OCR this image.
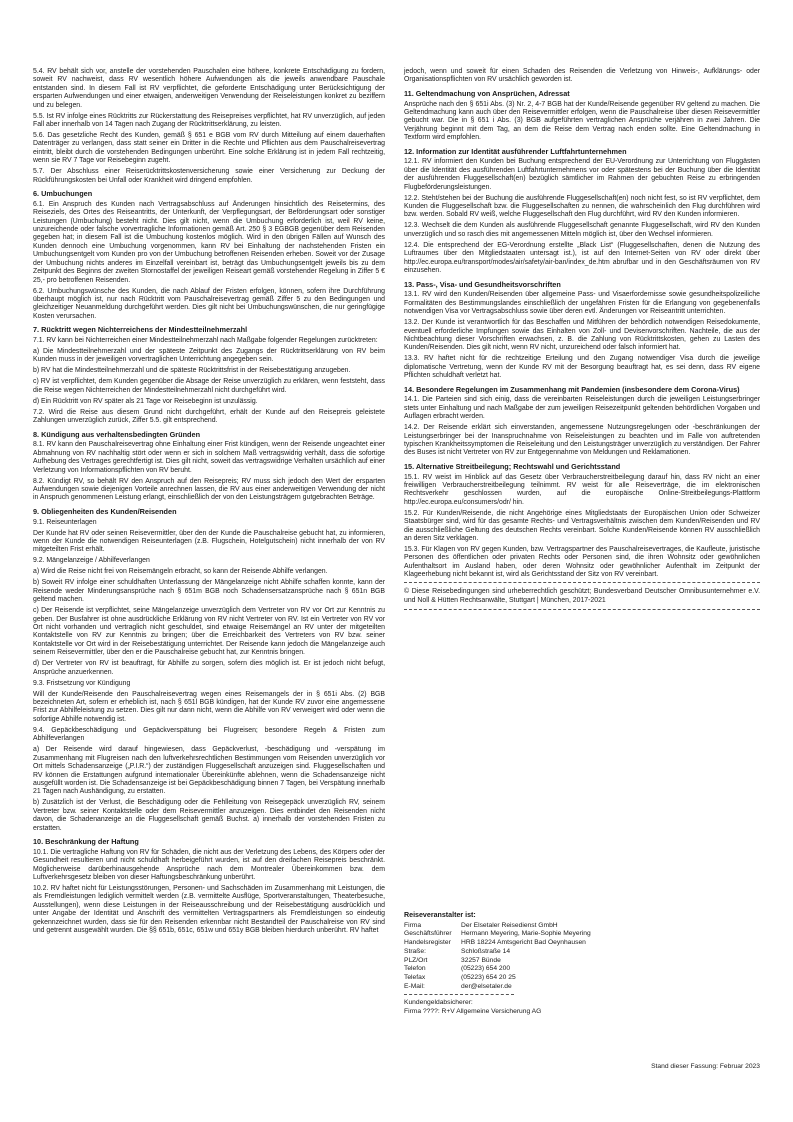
5.4. RV behält sich vor, anstelle der vorstehenden Pauschalen eine höhere, konkrete Entschädigung zu fordern, soweit RV nachweist, dass RV wesentlich höhere Aufwendungen als die jeweils anwendbare Pauschale entstanden sind. In diesem Fall ist RV verpflichtet, die geforderte Entschädigung unter Berücksichtigung der ersparten Aufwendungen und einer etwaigen, anderweitigen Verwendung der Reiseleistungen konkret zu beziffern und zu belegen.

5.5. Ist RV infolge eines Rücktritts zur Rückerstattung des Reisepreises verpflichtet, hat RV unverzüglich, auf jeden Fall aber innerhalb von 14 Tagen nach Zugang der Rücktrittserklärung, zu leisten.

5.6. Das gesetzliche Recht des Kunden, gemäß § 651 e BGB vom RV durch Mitteilung auf einem dauerhaften Datenträger zu verlangen, dass statt seiner ein Dritter in die Rechte und Pflichten aus dem Pauschalreisevertrag eintritt, bleibt durch die vorstehenden Bedingungen unberührt. Eine solche Erklärung ist in jedem Fall rechtzeitig, wenn sie RV 7 Tage vor Reisebeginn zugeht.

5.7. Der Abschluss einer Reiserücktrittskostenversicherung sowie einer Versicherung zur Deckung der Rückführungskosten bei Unfall oder Krankheit wird dringend empfohlen.

6. Umbuchungen

6.1. Ein Anspruch des Kunden nach Vertragsabschluss auf Änderungen hinsichtlich des Reisetermins, des Reiseziels, des Ortes des Reiseantritts, der Unterkunft, der Verpflegungsart, der Beförderungsart oder sonstiger Leistungen (Umbuchung) besteht nicht. Dies gilt nicht, wenn die Umbuchung erforderlich ist, weil RV keine, unzureichende oder falsche vorvertragliche Informationen gemäß Art. 250 § 3 EGBGB gegenüber dem Reisenden gegeben hat; in diesem Fall ist die Umbuchung kostenlos möglich. Wird in den übrigen Fällen auf Wunsch des Kunden dennoch eine Umbuchung vorgenommen, kann RV bei Einhaltung der nachstehenden Fristen ein Umbuchungsentgelt vom Kunden pro von der Umbuchung betroffenen Reisenden erheben. Soweit vor der Zusage der Umbuchung nichts anderes im Einzelfall vereinbart ist, beträgt das Umbuchungsentgelt jeweils bis zu dem Zeitpunkt des Beginns der zweiten Stornostaffel der jeweiligen Reiseart gemäß vorstehender Regelung in Ziffer 5 € 25,- pro betroffenen Reisenden.

6.2. Umbuchungswünsche des Kunden, die nach Ablauf der Fristen erfolgen, können, sofern ihre Durchführung überhaupt möglich ist, nur nach Rücktritt vom Pauschalreisevertrag gemäß Ziffer 5 zu den Bedingungen und gleichzeitiger Neuanmeldung durchgeführt werden. Dies gilt nicht bei Umbuchungswünschen, die nur geringfügige Kosten verursachen.

7. Rücktritt wegen Nichterreichens der Mindestteilnehmerzahl

7.1. RV kann bei Nichterreichen einer Mindestteilnehmerzahl nach Maßgabe folgender Regelungen zurücktreten:

a) Die Mindestteilnehmerzahl und der späteste Zeitpunkt des Zugangs der Rücktrittserklärung von RV beim Kunden muss in der jeweiligen vorvertraglichen Unterrichtung angegeben sein.

b) RV hat die Mindestteilnehmerzahl und die späteste Rücktrittsfrist in der Reisebestätigung anzugeben.

c) RV ist verpflichtet, dem Kunden gegenüber die Absage der Reise unverzüglich zu erklären, wenn feststeht, dass die Reise wegen Nichterreichen der Mindestteilnehmerzahl nicht durchgeführt wird.

d) Ein Rücktritt von RV später als 21 Tage vor Reisebeginn ist unzulässig.

7.2. Wird die Reise aus diesem Grund nicht durchgeführt, erhält der Kunde auf den Reisepreis geleistete Zahlungen unverzüglich zurück, Ziffer 5.5. gilt entsprechend.

8. Kündigung aus verhaltensbedingten Gründen

8.1. RV kann den Pauschalreisevertrag ohne Einhaltung einer Frist kündigen, wenn der Reisende ungeachtet einer Abmahnung von RV nachhaltig stört oder wenn er sich in solchem Maß vertragswidrig verhält, dass die sofortige Aufhebung des Vertrages gerechtfertigt ist. Dies gilt nicht, soweit das vertragswidrige Verhalten ursächlich auf einer Verletzung von Informationspflichten von RV beruht.

8.2. Kündigt RV, so behält RV den Anspruch auf den Reisepreis; RV muss sich jedoch den Wert der ersparten Aufwendungen sowie diejenigen Vorteile anrechnen lassen, die RV aus einer anderweitigen Verwendung der nicht in Anspruch genommenen Leistung erlangt, einschließlich der von den Leistungsträgern gutgebrachten Beträge.

9. Obliegenheiten des Kunden/Reisenden

9.1. Reiseunterlagen

Der Kunde hat RV oder seinen Reisevermittler, über den der Kunde die Pauschalreise gebucht hat, zu informieren, wenn der Kunde die notwendigen Reiseunterlagen (z.B. Flugschein, Hotelgutschein) nicht innerhalb der von RV mitgeteilten Frist erhält.

9.2. Mängelanzeige / Abhilfeverlangen

a) Wird die Reise nicht frei von Reisemängeln erbracht, so kann der Reisende Abhilfe verlangen.

b) Soweit RV infolge einer schuldhaften Unterlassung der Mängelanzeige nicht Abhilfe schaffen konnte, kann der Reisende weder Minderungsansprüche nach § 651m BGB noch Schadensersatzansprüche nach § 651n BGB geltend machen.

c) Der Reisende ist verpflichtet, seine Mängelanzeige unverzüglich dem Vertreter von RV vor Ort zur Kenntnis zu geben. Der Busfahrer ist ohne ausdrückliche Erklärung von RV nicht Vertreter von RV. Ist ein Vertreter von RV vor Ort nicht vorhanden und vertraglich nicht geschuldet, sind etwaige Reisemängel an RV unter der mitgeteilten Kontaktstelle von RV zur Kenntnis zu bringen; über die Erreichbarkeit des Vertreters von RV bzw. seiner Kontaktstelle vor Ort wird in der Reisebestätigung unterrichtet. Der Reisende kann jedoch die Mängelanzeige auch seinem Reisevermittler, über den er die Pauschalreise gebucht hat, zur Kenntnis bringen.

d) Der Vertreter von RV ist beauftragt, für Abhilfe zu sorgen, sofern dies möglich ist. Er ist jedoch nicht befugt, Ansprüche anzuerkennen.

9.3. Fristsetzung vor Kündigung

Will der Kunde/Reisende den Pauschalreisevertrag wegen eines Reisemangels der in § 651i Abs. (2) BGB bezeichneten Art, sofern er erheblich ist, nach § 651l BGB kündigen, hat der Kunde RV zuvor eine angemessene Frist zur Abhilfeleistung zu setzen. Dies gilt nur dann nicht, wenn die Abhilfe von RV verweigert wird oder wenn die sofortige Abhilfe notwendig ist.

9.4. Gepäckbeschädigung und Gepäckverspätung bei Flugreisen; besondere Regeln & Fristen zum Abhilfeverlangen

a) Der Reisende wird darauf hingewiesen, dass Gepäckverlust, -beschädigung und -verspätung im Zusammenhang mit Flugreisen nach den luftverkehrsrechtlichen Bestimmungen vom Reisenden unverzüglich vor Ort mittels Schadensanzeige („P.I.R.“) der zuständigen Fluggesellschaft anzuzeigen sind. Fluggesellschaften und RV können die Erstattungen aufgrund internationaler Übereinkünfte ablehnen, wenn die Schadensanzeige nicht ausgefüllt worden ist. Die Schadensanzeige ist bei Gepäckbeschädigung binnen 7 Tagen, bei Verspätung innerhalb 21 Tagen nach Aushändigung, zu erstatten.

b) Zusätzlich ist der Verlust, die Beschädigung oder die Fehlleitung von Reisegepäck unverzüglich RV, seinem Vertreter bzw. seiner Kontaktstelle oder dem Reisevermittler anzuzeigen. Dies entbindet den Reisenden nicht davon, die Schadenanzeige an die Fluggesellschaft gemäß Buchst. a) innerhalb der vorstehenden Fristen zu erstatten.

10. Beschränkung der Haftung

10.1. Die vertragliche Haftung von RV für Schäden, die nicht aus der Verletzung des Lebens, des Körpers oder der Gesundheit resultieren und nicht schuldhaft herbeigeführt wurden, ist auf den dreifachen Reisepreis beschränkt. Möglicherweise darüberhinausgehende Ansprüche nach dem Montrealer Übereinkommen bzw. dem Luftverkehrsgesetz bleiben von dieser Haftungsbeschränkung unberührt.

10.2. RV haftet nicht für Leistungsstörungen, Personen- und Sachschäden im Zusammenhang mit Leistungen, die als Fremdleistungen lediglich vermittelt werden (z.B. vermittelte Ausflüge, Sportveranstaltungen, Theaterbesuche, Ausstellungen), wenn diese Leistungen in der Reiseausschreibung und der Reisebestätigung ausdrücklich und unter Angabe der Identität und Anschrift des vermittelten Vertragspartners als Fremdleistungen so eindeutig gekennzeichnet wurden, dass sie für den Reisenden erkennbar nicht Bestandteil der Pauschalreise von RV sind und getrennt ausgewählt wurden. Die §§ 651b, 651c, 651w und 651y BGB bleiben hierdurch unberührt. RV haftet

jedoch, wenn und soweit für einen Schaden des Reisenden die Verletzung von Hinweis-, Aufklärungs- oder Organisationspflichten von RV ursächlich geworden ist.

11. Geltendmachung von Ansprüchen, Adressat

Ansprüche nach den § 651i Abs. (3) Nr. 2, 4-7 BGB hat der Kunde/Reisende gegenüber RV geltend zu machen. Die Geltendmachung kann auch über den Reisevermittler erfolgen, wenn die Pauschalreise über diesen Reisevermittler gebucht war. Die in § 651 i Abs. (3) BGB aufgeführten vertraglichen Ansprüche verjähren in zwei Jahren. Die Verjährung beginnt mit dem Tag, an dem die Reise dem Vertrag nach enden sollte. Eine Geltendmachung in Textform wird empfohlen.

12. Information zur Identität ausführender Luftfahrtunternehmen

12.1. RV informiert den Kunden bei Buchung entsprechend der EU-Verordnung zur Unterrichtung von Fluggästen über die Identität des ausführenden Luftfahrtunternehmens vor oder spätestens bei der Buchung über die Identität der ausführenden Fluggesellschaft(en) bezüglich sämtlicher im Rahmen der gebuchten Reise zu erbringenden Flugbeförderungsleistungen.

12.2. Steht/stehen bei der Buchung die ausführende Fluggesellschaft(en) noch nicht fest, so ist RV verpflichtet, dem Kunden die Fluggesellschaft bzw. die Fluggesellschaften zu nennen, die wahrscheinlich den Flug durchführen wird bzw. werden. Sobald RV weiß, welche Fluggesellschaft den Flug durchführt, wird RV den Kunden informieren.

12.3. Wechselt die dem Kunden als ausführende Fluggesellschaft genannte Fluggesellschaft, wird RV den Kunden unverzüglich und so rasch dies mit angemessenen Mitteln möglich ist, über den Wechsel informieren.

12.4. Die entsprechend der EG-Verordnung erstellte „Black List“ (Fluggesellschaften, denen die Nutzung des Luftraumes über den Mitgliedstaaten untersagt ist.), ist auf den Internet-Seiten von RV oder direkt über http://ec.europa.eu/transport/modes/air/safety/air-ban/index_de.htm abrufbar und in den Geschäftsräumen von RV einzusehen.

13. Pass-, Visa- und Gesundheitsvorschriften

13.1. RV wird den Kunden/Reisenden über allgemeine Pass- und Visaerfordernisse sowie gesundheitspolizeiliche Formalitäten des Bestimmungslandes einschließlich der ungefähren Fristen für die Erlangung von gegebenenfalls notwendigen Visa vor Vertragsabschluss sowie über deren evtl. Änderungen vor Reiseantritt unterrichten.

13.2. Der Kunde ist verantwortlich für das Beschaffen und Mitführen der behördlich notwendigen Reisedokumente, eventuell erforderliche Impfungen sowie das Einhalten von Zoll- und Devisenvorschriften. Nachteile, die aus der Nichtbeachtung dieser Vorschriften erwachsen, z. B. die Zahlung von Rücktrittskosten, gehen zu Lasten des Kunden/Reisenden. Dies gilt nicht, wenn RV nicht, unzureichend oder falsch informiert hat.

13.3. RV haftet nicht für die rechtzeitige Erteilung und den Zugang notwendiger Visa durch die jeweilige diplomatische Vertretung, wenn der Kunde RV mit der Besorgung beauftragt hat, es sei denn, dass RV eigene Pflichten schuldhaft verletzt hat.

14. Besondere Regelungen im Zusammenhang mit Pandemien (insbesondere dem Corona-Virus)

14.1. Die Parteien sind sich einig, dass die vereinbarten Reiseleistungen durch die jeweiligen Leistungserbringer stets unter Einhaltung und nach Maßgabe der zum jeweiligen Reisezeitpunkt geltenden behördlichen Vorgaben und Auflagen erbracht werden.

14.2. Der Reisende erklärt sich einverstanden, angemessene Nutzungsregelungen oder -beschränkungen der Leistungserbringer bei der Inanspruchnahme von Reiseleistungen zu beachten und im Falle von auftretenden typischen Krankheitssymptomen die Reiseleitung und den Leistungsträger unverzüglich zu verständigen. Der Fahrer des Buses ist nicht Vertreter von RV zur Entgegennahme von Meldungen und Reklamationen.

15. Alternative Streitbeilegung; Rechtswahl und Gerichtsstand

15.1. RV weist im Hinblick auf das Gesetz über Verbraucherstreitbeilegung darauf hin, dass RV nicht an einer freiwilligen Verbraucherstreitbeilegung teilnimmt. RV weist für alle Reiseverträge, die im elektronischen Rechtsverkehr geschlossen wurden, auf die europäische Online-Streitbeilegungs-Plattform http://ec.europa.eu/consumers/odr/ hin.

15.2. Für Kunden/Reisende, die nicht Angehörige eines Mitgliedstaats der Europäischen Union oder Schweizer Staatsbürger sind, wird für das gesamte Rechts- und Vertragsverhältnis zwischen dem Kunden/Reisenden und RV die ausschließliche Geltung des deutschen Rechts vereinbart. Solche Kunden/Reisende können RV ausschließlich an deren Sitz verklagen.

15.3. Für Klagen von RV gegen Kunden, bzw. Vertragspartner des Pauschalreisevertrages, die Kaufleute, juristische Personen des öffentlichen oder privaten Rechts oder Personen sind, die ihren Wohnsitz oder gewöhnlichen Aufenthaltsort im Ausland haben, oder deren Wohnsitz oder gewöhnlicher Aufenthalt im Zeitpunkt der Klageerhebung nicht bekannt ist, wird als Gerichtsstand der Sitz von RV vereinbart.

© Diese Reisebedingungen sind urheberrechtlich geschützt; Bundesverband Deutscher Omnibusunternehmer e.V. und Noll & Hütten Rechtsanwälte, Stuttgart | München, 2017-2021

Reiseveranstalter ist:
Firma	Der Elsetaler Reisedienst GmbH
Geschäftsführer	Hermann Meyering, Marie-Sophie Meyering
Handelsregister	HRB 18224 Amtsgericht Bad Oeynhausen
Straße:	Schloßstraße 14
PLZ/Ort	32257 Bünde
Telefon	(05223) 654 200
Telefax	(05223) 654 20 25
E-Mail:	der@elsetaler.de

Kundengeldabsicherer:

Firma ????: R+V Allgemeine Versicherung AG

Stand dieser Fassung: Februar 2023
